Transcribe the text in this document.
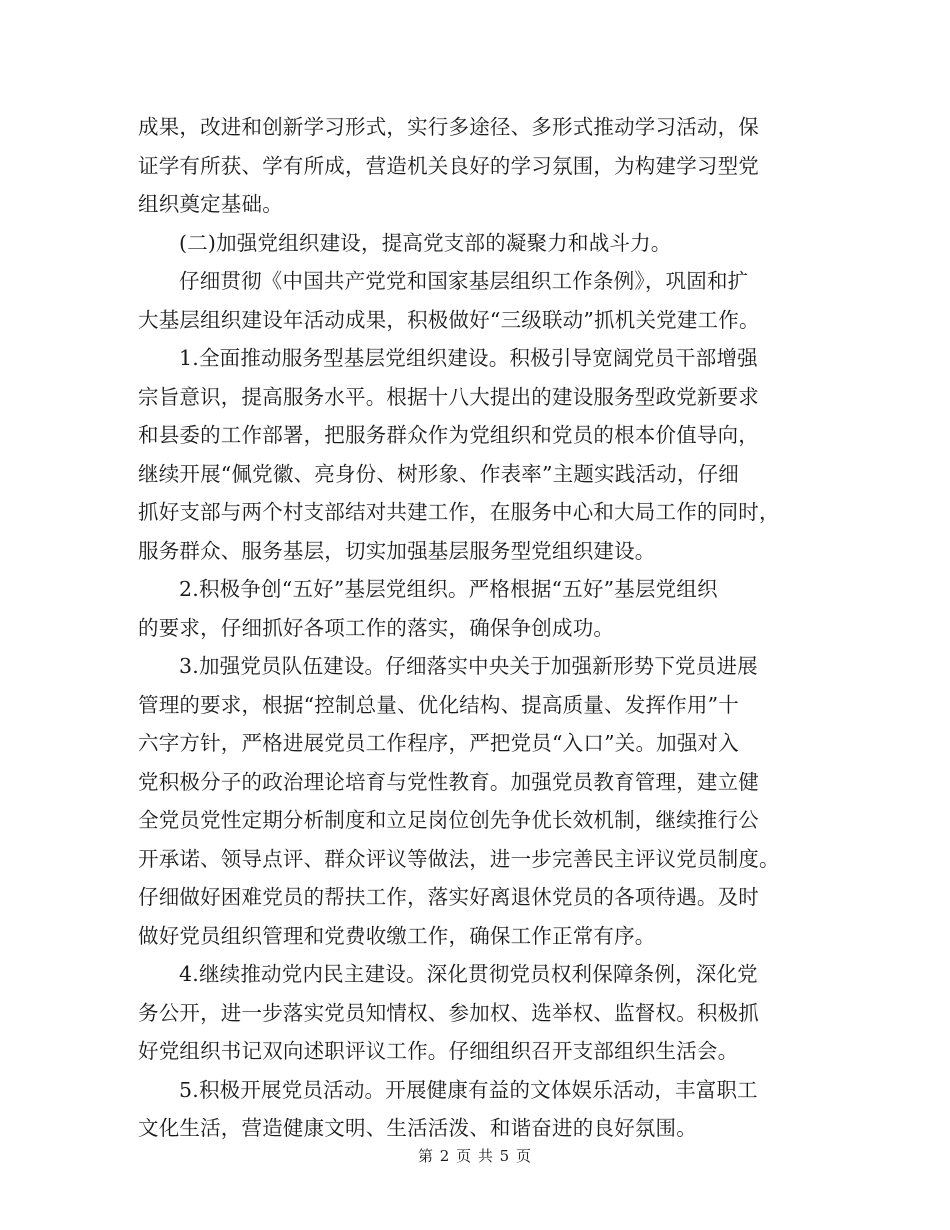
成果，改进和创新学习形式，实行多途径、多形式推动学习活动，保
证学有所获、学有所成，营造机关良好的学习氛围，为构建学习型党
组织奠定基础。
(二)加强党组织建设，提高党支部的凝聚力和战斗力。
仔细贯彻《中国共产党党和国家基层组织工作条例》，巩固和扩
大基层组织建设年活动成果，积极做好“三级联动”抓机关党建工作。
1.全面推动服务型基层党组织建设。积极引导宽阔党员干部增强
宗旨意识，提高服务水平。根据十八大提出的建设服务型政党新要求
和县委的工作部署，把服务群众作为党组织和党员的根本价值导向，
继续开展“佩党徽、亮身份、树形象、作表率”主题实践活动，仔细
抓好支部与两个村支部结对共建工作，在服务中心和大局工作的同时，
服务群众、服务基层，切实加强基层服务型党组织建设。
2.积极争创“五好”基层党组织。严格根据“五好”基层党组织
的要求，仔细抓好各项工作的落实，确保争创成功。
3.加强党员队伍建设。仔细落实中央关于加强新形势下党员进展
管理的要求，根据“控制总量、优化结构、提高质量、发挥作用”十
六字方针，严格进展党员工作程序，严把党员“入口”关。加强对入
党积极分子的政治理论培育与党性教育。加强党员教育管理，建立健
全党员党性定期分析制度和立足岗位创先争优长效机制，继续推行公
开承诺、领导点评、群众评议等做法，进一步完善民主评议党员制度。
仔细做好困难党员的帮扶工作，落实好离退休党员的各项待遇。及时
做好党员组织管理和党费收缴工作，确保工作正常有序。
4.继续推动党内民主建设。深化贯彻党员权利保障条例，深化党
务公开，进一步落实党员知情权、参加权、选举权、监督权。积极抓
好党组织书记双向述职评议工作。仔细组织召开支部组织生活会。
5.积极开展党员活动。开展健康有益的文体娱乐活动，丰富职工
文化生活，营造健康文明、生活活泼、和谐奋进的良好氛围。
第 2 页 共 5 页
